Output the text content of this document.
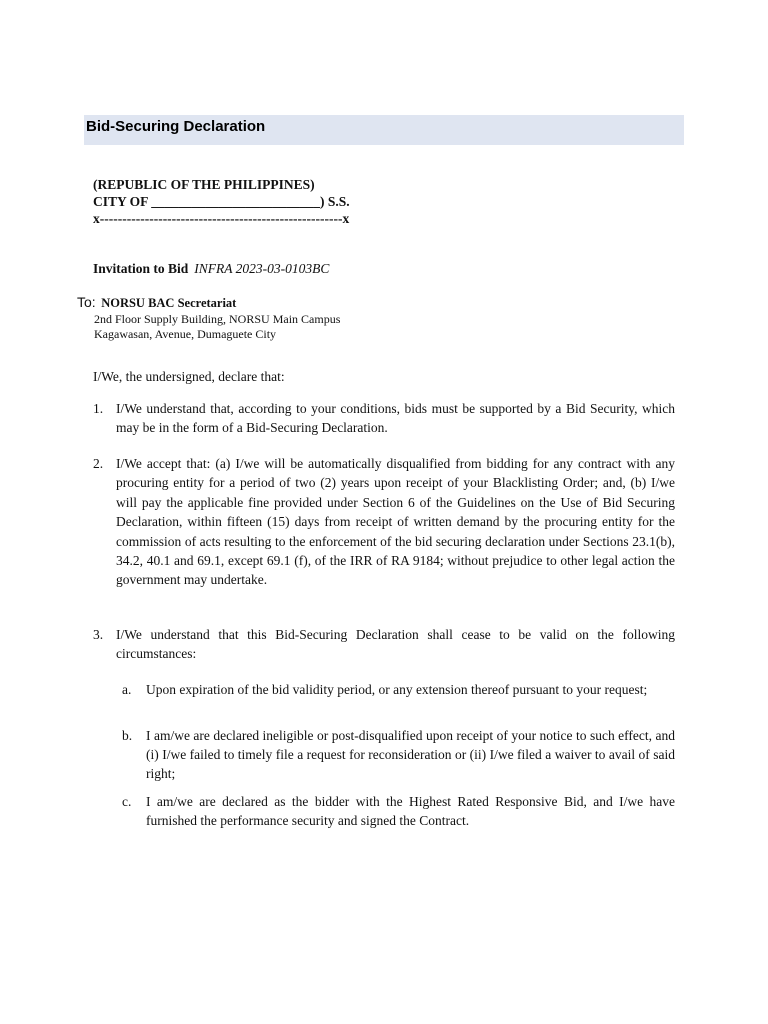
Bid-Securing Declaration
(REPUBLIC OF THE PHILIPPINES)
CITY OF _________________________) S.S.
x------------------------------------------------------x
Invitation to Bid INFRA 2023-03-0103BC
To: NORSU BAC Secretariat
2nd Floor Supply Building, NORSU Main Campus
Kagawasan, Avenue, Dumaguete City
I/We, the undersigned, declare that:
1. I/We understand that, according to your conditions, bids must be supported by a Bid Security, which may be in the form of a Bid-Securing Declaration.
2. I/We accept that: (a) I/we will be automatically disqualified from bidding for any contract with any procuring entity for a period of two (2) years upon receipt of your Blacklisting Order; and, (b) I/we will pay the applicable fine provided under Section 6 of the Guidelines on the Use of Bid Securing Declaration, within fifteen (15) days from receipt of written demand by the procuring entity for the commission of acts resulting to the enforcement of the bid securing declaration under Sections 23.1(b), 34.2, 40.1 and 69.1, except 69.1 (f), of the IRR of RA 9184; without prejudice to other legal action the government may undertake.
3. I/We understand that this Bid-Securing Declaration shall cease to be valid on the following circumstances:
a.	Upon expiration of the bid validity period, or any extension thereof pursuant to your request;
b.	I am/we are declared ineligible or post-disqualified upon receipt of your notice to such effect, and (i) I/we failed to timely file a request for reconsideration or (ii) I/we filed a waiver to avail of said right;
c.	I am/we are declared as the bidder with the Highest Rated Responsive Bid, and I/we have furnished the performance security and signed the Contract.
